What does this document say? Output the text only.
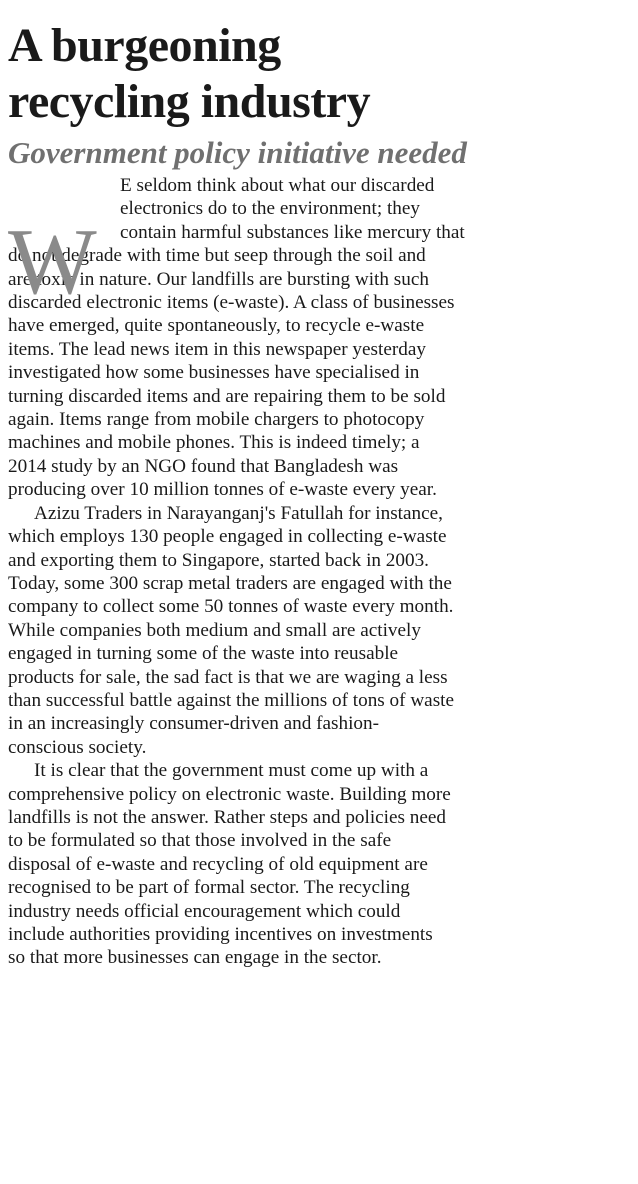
A burgeoning
recycling industry
Government policy initiative needed
W
E seldom think about what our discarded
electronics do to the environment; they
contain harmful substances like mercury that
do not degrade with time but seep through the soil and
are toxic in nature. Our landfills are bursting with such
discarded electronic items (e-waste). A class of businesses
have emerged, quite spontaneously, to recycle e-waste
items. The lead news item in this newspaper yesterday
investigated how some businesses have specialised in
turning discarded items and are repairing them to be sold
again. Items range from mobile chargers to photocopy
machines and mobile phones. This is indeed timely; a
2014 study by an NGO found that Bangladesh was
producing over 10 million tonnes of e-waste every year.
Azizu Traders in Narayanganj's Fatullah for instance,
which employs 130 people engaged in collecting e-waste
and exporting them to Singapore, started back in 2003.
Today, some 300 scrap metal traders are engaged with the
company to collect some 50 tonnes of waste every month.
While companies both medium and small are actively
engaged in turning some of the waste into reusable
products for sale, the sad fact is that we are waging a less
than successful battle against the millions of tons of waste
in an increasingly consumer-driven and fashion-
conscious society.
It is clear that the government must come up with a
comprehensive policy on electronic waste. Building more
landfills is not the answer. Rather steps and policies need
to be formulated so that those involved in the safe
disposal of e-waste and recycling of old equipment are
recognised to be part of formal sector. The recycling
industry needs official encouragement which could
include authorities providing incentives on investments
so that more businesses can engage in the sector.
